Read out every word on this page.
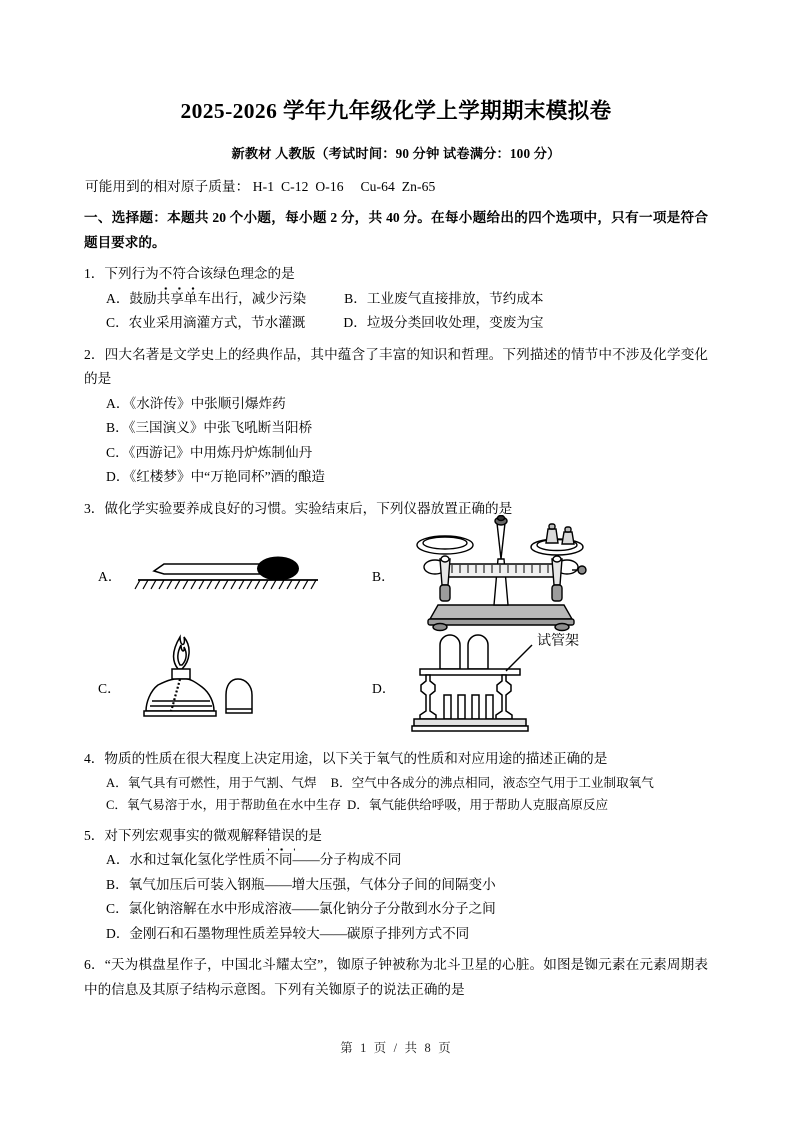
2025-2026 学年九年级化学上学期期末模拟卷

新教材 人教版（考试时间：90 分钟 试卷满分：100 分）

可能用到的相对原子质量： H-1 C-12 O-16 Cu-64 Zn-65

一、选择题：本题共 20 个小题，每小题 2 分，共 40 分。在每小题给出的四个选项中，只有一项是符合题目要求的。

1．下列行为不符合该绿色理念的是

A．鼓励共享单车出行，减少污染	B．工业废气直接排放，节约成本
C．农业采用滴灌方式，节水灌溉	D．垃圾分类回收处理，变废为宝

2．四大名著是文学史上的经典作品，其中蕴含了丰富的知识和哲理。下列描述的情节中不涉及化学变化的是

A．《水浒传》中张顺引爆炸药
B．《三国演义》中张飞吼断当阳桥
C．《西游记》中用炼丹炉炼制仙丹
D．《红楼梦》中“万艳同杯”酒的酿造

3．做化学实验要养成良好的习惯。实验结束后，下列仪器放置正确的是

A．	B．
C．	D．
试管架

4．物质的性质在很大程度上决定用途，以下关于氧气的性质和对应用途的描述正确的是

A．氧气具有可燃性，用于气割、气焊 B．空气中各成分的沸点相同，液态空气用于工业制取氧气
C．氧气易溶于水，用于帮助鱼在水中生存 D．氧气能供给呼吸，用于帮助人克服高原反应

5．对下列宏观事实的微观解释错误的是

A．水和过氧化氢化学性质不同——分子构成不同
B．氧气加压后可装入钢瓶——增大压强，气体分子间的间隔变小
C．氯化钠溶解在水中形成溶液——氯化钠分子分散到水分子之间
D．金刚石和石墨物理性质差异较大——碳原子排列方式不同

6．“天为棋盘星作子，中国北斗耀太空”，铷原子钟被称为北斗卫星的心脏。如图是铷元素在元素周期表中的信息及其原子结构示意图。下列有关铷原子的说法正确的是

第 1 页 / 共 8 页
